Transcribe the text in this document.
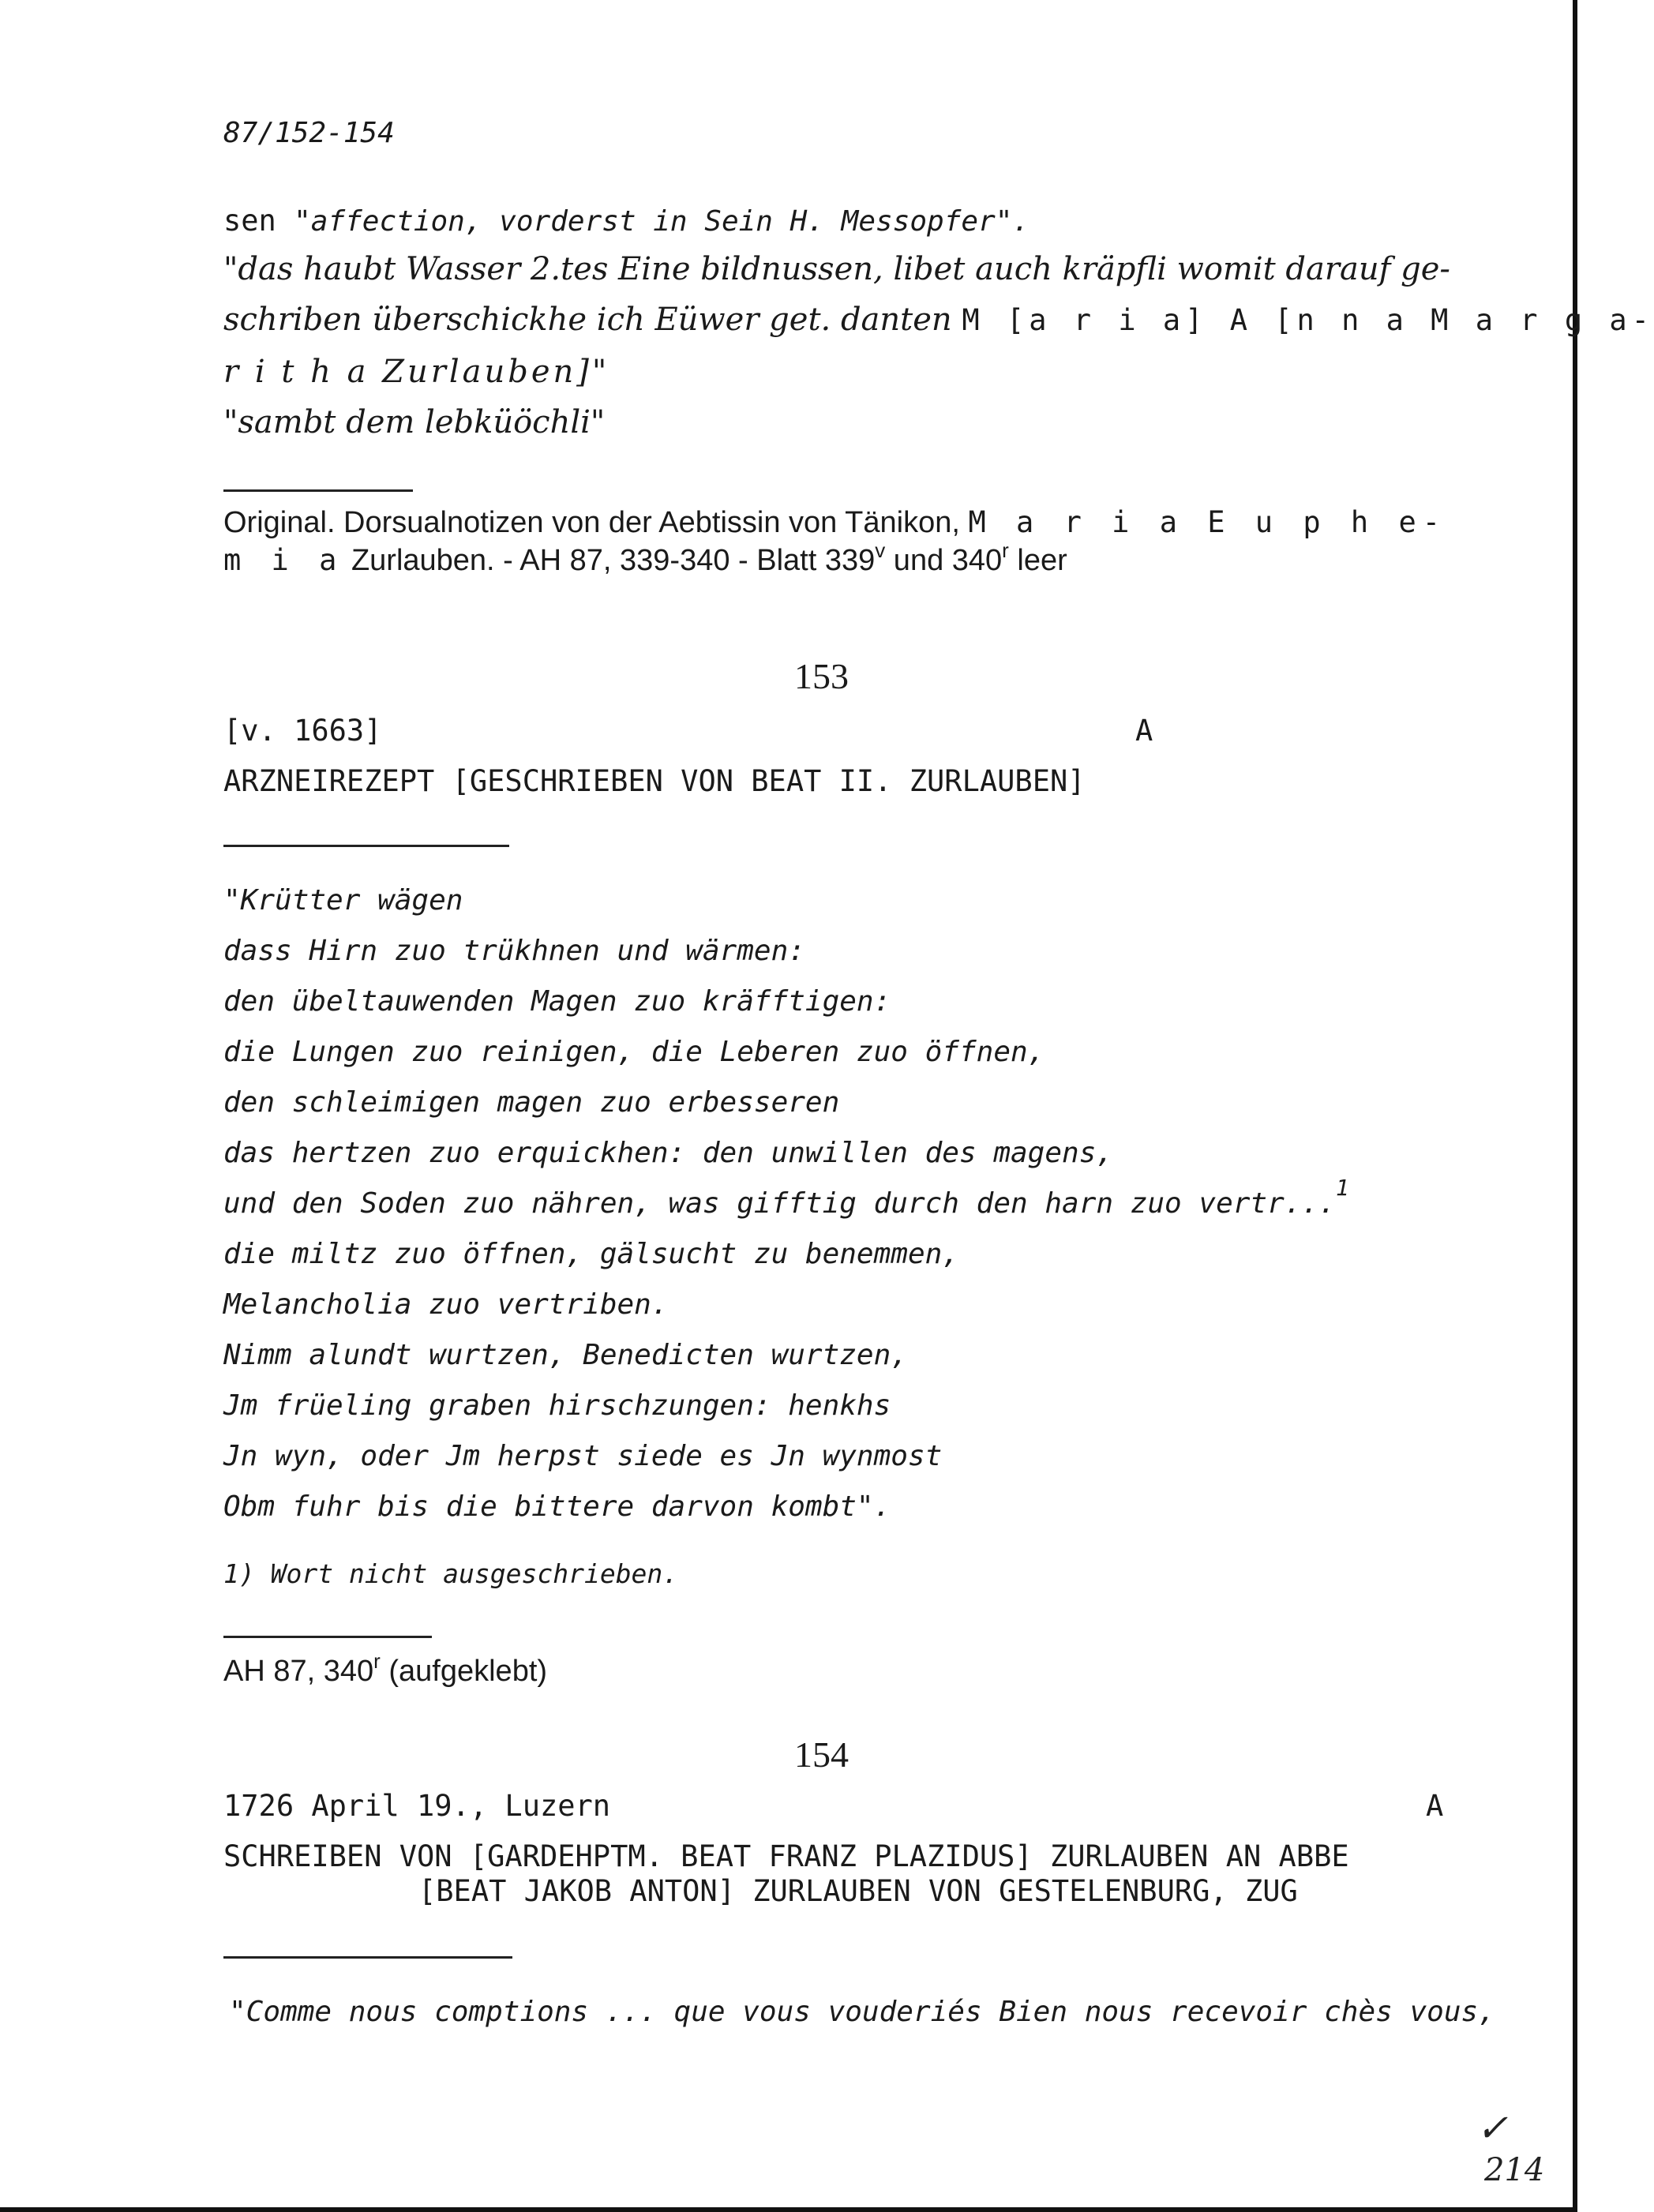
87/152-154
sen "affection, vorderst in Sein H. Messopfer".
"das haubt Wasser 2.tes Eine bildnussen, libet auch kräpfli womit darauf ge-
schriben überschickhe ich Eüwer get. danten M [a r i a] A [n n a M a r g a-
r i t h a Zurlauben]"
"sambt dem lebküöchli"
Original. Dorsualnotizen von der Aebtissin von Tänikon, M a r i a E u p h e-
m i a Zurlauben. - AH 87, 339-340 - Blatt 339$^v$ und 340$^r$ leer
153
[v. 1663]	A
ARZNEIREZEPT [GESCHRIEBEN VON BEAT II. ZURLAUBEN]
"Krütter wägen
dass Hirn zuo trükhnen und wärmen:
den übeltauwenden Magen zuo kräfftigen:
die Lungen zuo reinigen, die Leberen zuo öffnen,
den schleimigen magen zuo erbesseren
das hertzen zuo erquickhen: den unwillen des magens,
und den Soden zuo nähren, was gifftig durch den harn zuo vertr...$^1$
die miltz zuo öffnen, gälsucht zu benemmen,
Melancholia zuo vertriben.
Nimm alundt wurtzen, Benedicten wurtzen,
Jm früeling graben hirschzungen: henkhs
Jn wyn, oder Jm herpst siede es Jn wynmost
Obm fuhr bis die bittere darvon kombt".
1) Wort nicht ausgeschrieben.
AH 87, 340$^r$ (aufgeklebt)
154
1726 April 19., Luzern	A
SCHREIBEN VON [GARDEHPTM. BEAT FRANZ PLAZIDUS] ZURLAUBEN AN ABBE
[BEAT JAKOB ANTON] ZURLAUBEN VON GESTELENBURG, ZUG
"Comme nous comptions ... que vous vouderiés Bien nous recevoir chès vous,
✓
214
